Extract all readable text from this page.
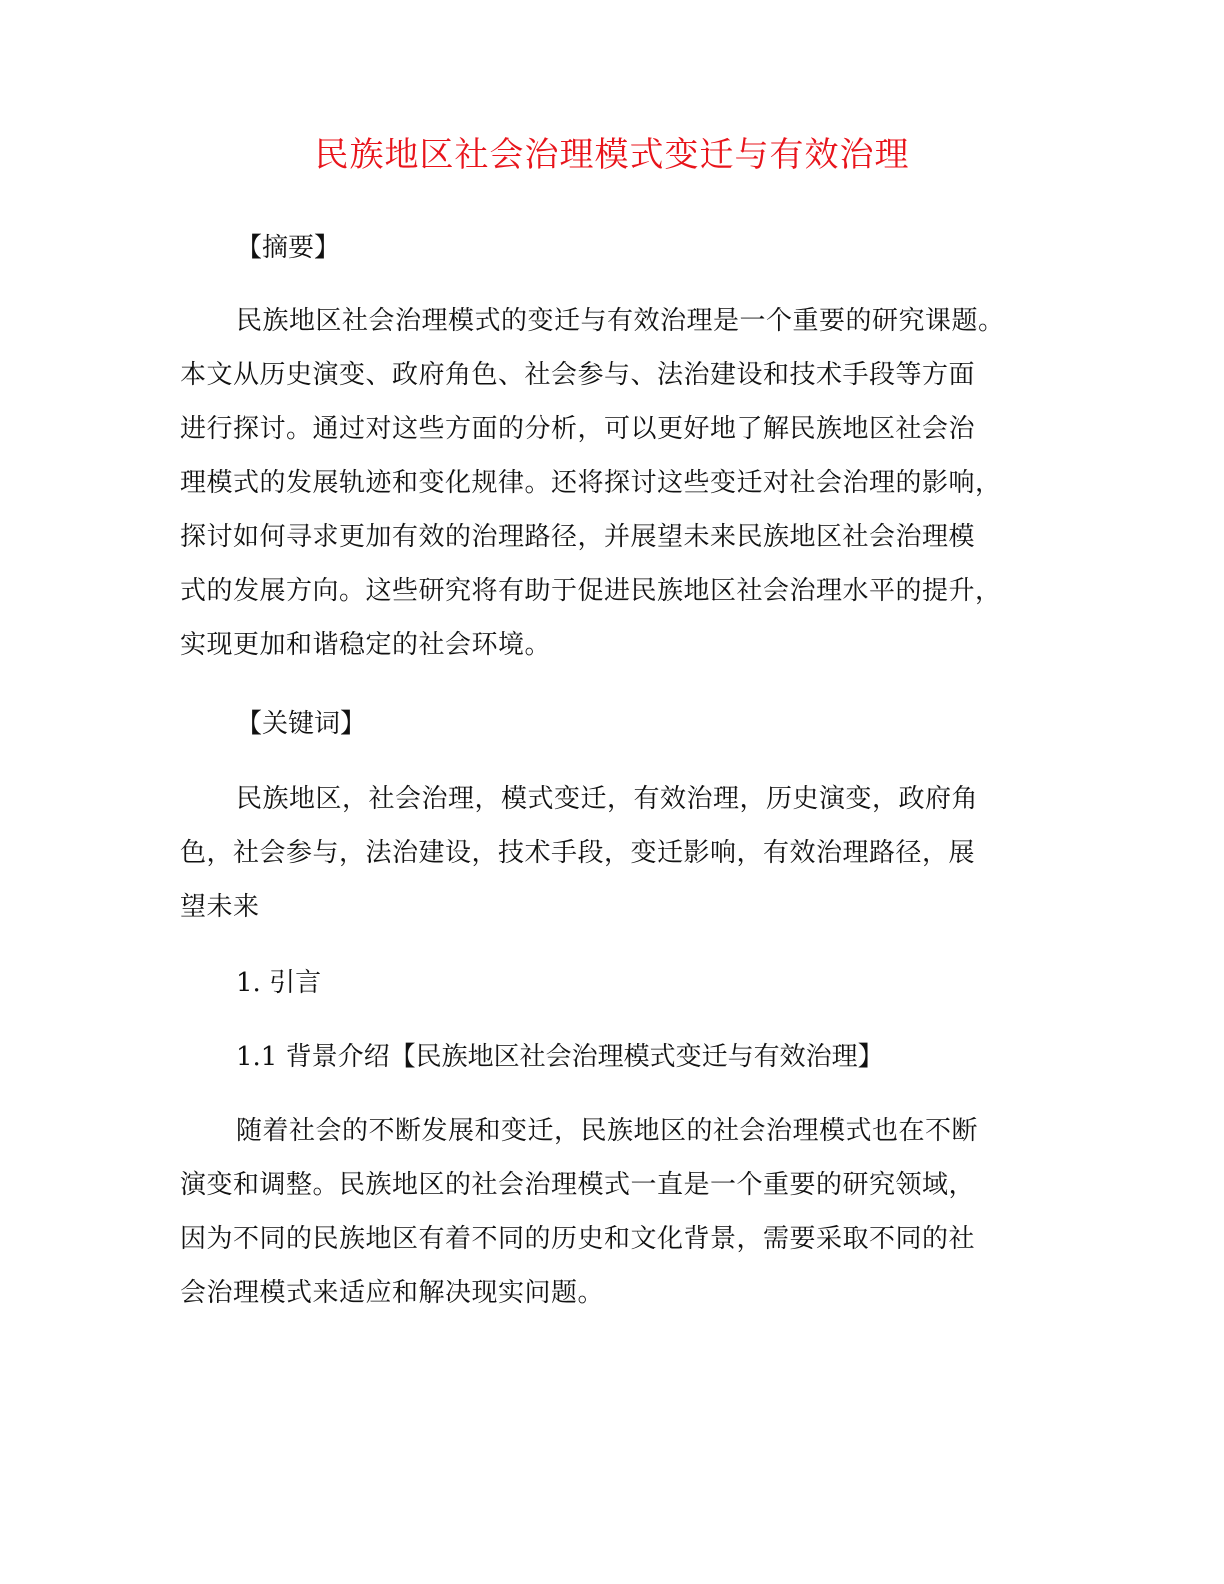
民族地区社会治理模式变迁与有效治理
【摘要】
民族地区社会治理模式的变迁与有效治理是一个重要的研究课题。
本文从历史演变、政府角色、社会参与、法治建设和技术手段等方面
进行探讨。通过对这些方面的分析，可以更好地了解民族地区社会治
理模式的发展轨迹和变化规律。还将探讨这些变迁对社会治理的影响，
探讨如何寻求更加有效的治理路径，并展望未来民族地区社会治理模
式的发展方向。这些研究将有助于促进民族地区社会治理水平的提升，
实现更加和谐稳定的社会环境。
【关键词】
民族地区，社会治理，模式变迁，有效治理，历史演变，政府角
色，社会参与，法治建设，技术手段，变迁影响，有效治理路径，展
望未来
1. 引言
1.1 背景介绍【民族地区社会治理模式变迁与有效治理】
随着社会的不断发展和变迁，民族地区的社会治理模式也在不断
演变和调整。民族地区的社会治理模式一直是一个重要的研究领域，
因为不同的民族地区有着不同的历史和文化背景，需要采取不同的社
会治理模式来适应和解决现实问题。
